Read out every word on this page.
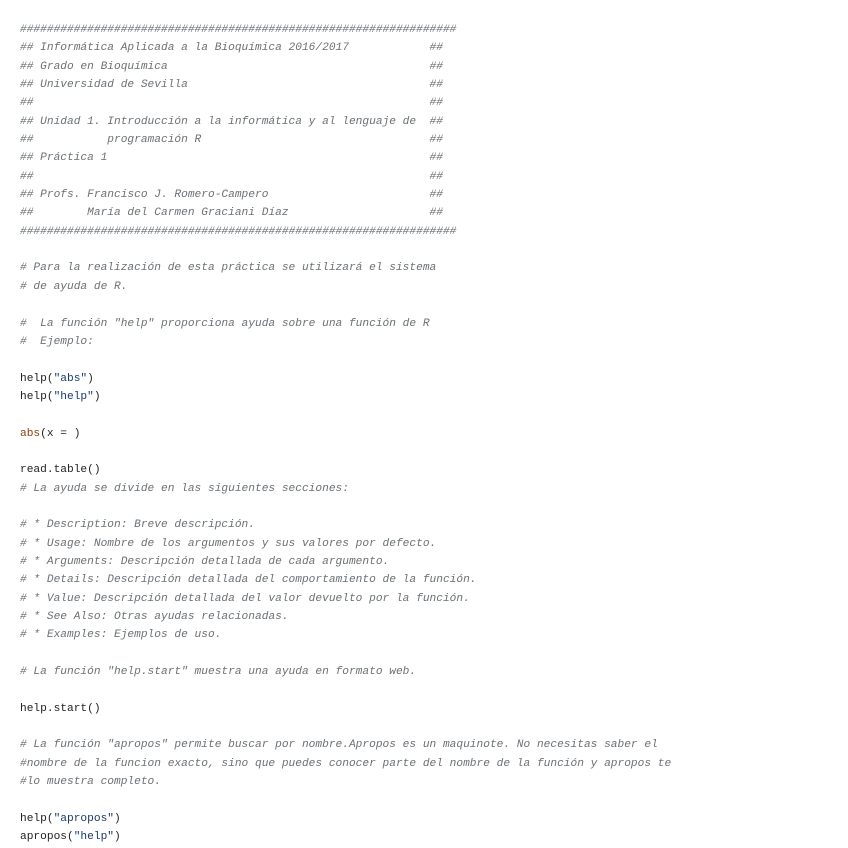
#################################################################
## Informática Aplicada a la Bioquímica 2016/2017            ##
## Grado en Bioquímica                                       ##
## Universidad de Sevilla                                    ##
##                                                           ##
## Unidad 1. Introducción a la informática y al lenguaje de  ##
##           programación R                                  ##
## Práctica 1                                                ##
##                                                           ##
## Profs. Francisco J. Romero-Campero                        ##
##        María del Carmen Graciani Díaz                     ##
#################################################################
# Para la realización de esta práctica se utilizará el sistema
# de ayuda de R.
#  La función "help" proporciona ayuda sobre una función de R
#  Ejemplo:
help("abs")
help("help")
abs(x = )
read.table()
# La ayuda se divide en las siguientes secciones:
# * Description: Breve descripción.
# * Usage: Nombre de los argumentos y sus valores por defecto.
# * Arguments: Descripción detallada de cada argumento.
# * Details: Descripción detallada del comportamiento de la función.
# * Value: Descripción detallada del valor devuelto por la función.
# * See Also: Otras ayudas relacionadas.
# * Examples: Ejemplos de uso.
# La función "help.start" muestra una ayuda en formato web.
help.start()
# La función "apropos" permite buscar por nombre.Apropos es un maquinote. No necesitas saber el
#nombre de la funcion exacto, sino que puedes conocer parte del nombre de la función y apropos te
#lo muestra completo.
help("apropos")
apropos("help")
